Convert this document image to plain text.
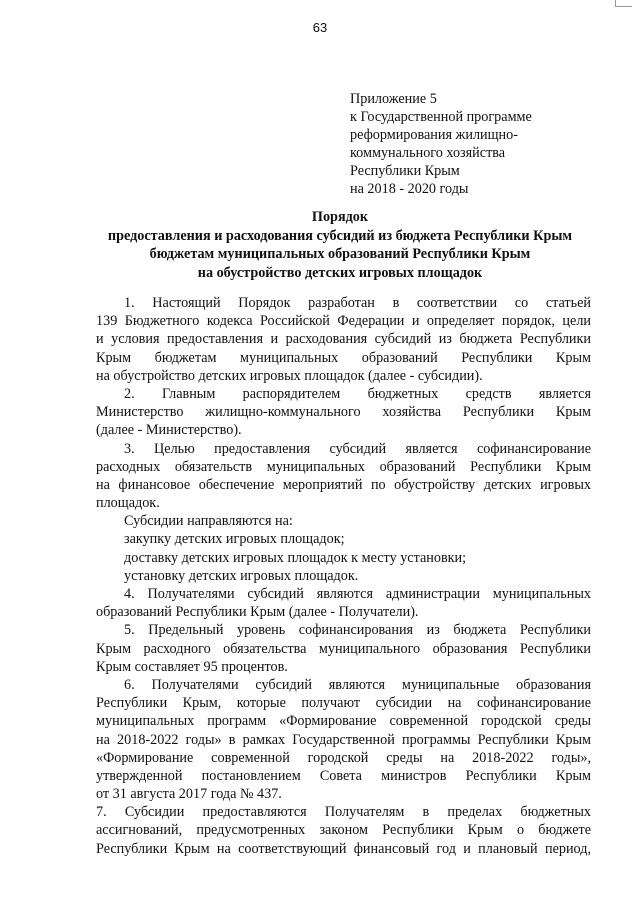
63
Приложение 5
к Государственной программе
реформирования жилищно-
коммунального хозяйства
Республики Крым
на 2018 - 2020 годы
Порядок
предоставления и расходования субсидий из бюджета Республики Крым
бюджетам муниципальных образований Республики Крым
на обустройство детских игровых площадок
1. Настоящий Порядок разработан в соответствии со статьей
139 Бюджетного кодекса Российской Федерации и определяет порядок, цели
и условия предоставления и расходования субсидий из бюджета Республики
Крым бюджетам муниципальных образований Республики Крым
на обустройство детских игровых площадок (далее - субсидии).
2. Главным распорядителем бюджетных средств является
Министерство жилищно-коммунального хозяйства Республики Крым
(далее - Министерство).
3. Целью предоставления субсидий является софинансирование
расходных обязательств муниципальных образований Республики Крым
на финансовое обеспечение мероприятий по обустройству детских игровых
площадок.
Субсидии направляются на:
закупку детских игровых площадок;
доставку детских игровых площадок к месту установки;
установку детских игровых площадок.
4. Получателями субсидий являются администрации муниципальных
образований Республики Крым (далее - Получатели).
5. Предельный уровень софинансирования из бюджета Республики
Крым расходного обязательства муниципального образования Республики
Крым составляет 95 процентов.
6. Получателями субсидий являются муниципальные образования
Республики Крым, которые получают субсидии на софинансирование
муниципальных программ «Формирование современной городской среды
на 2018-2022 годы» в рамках Государственной программы Республики Крым
«Формирование современной городской среды на 2018-2022 годы»,
утвержденной постановлением Совета министров Республики Крым
от 31 августа 2017 года № 437.
7. Субсидии предоставляются Получателям в пределах бюджетных
ассигнований, предусмотренных законом Республики Крым о бюджете
Республики Крым на соответствующий финансовый год и плановый период,
